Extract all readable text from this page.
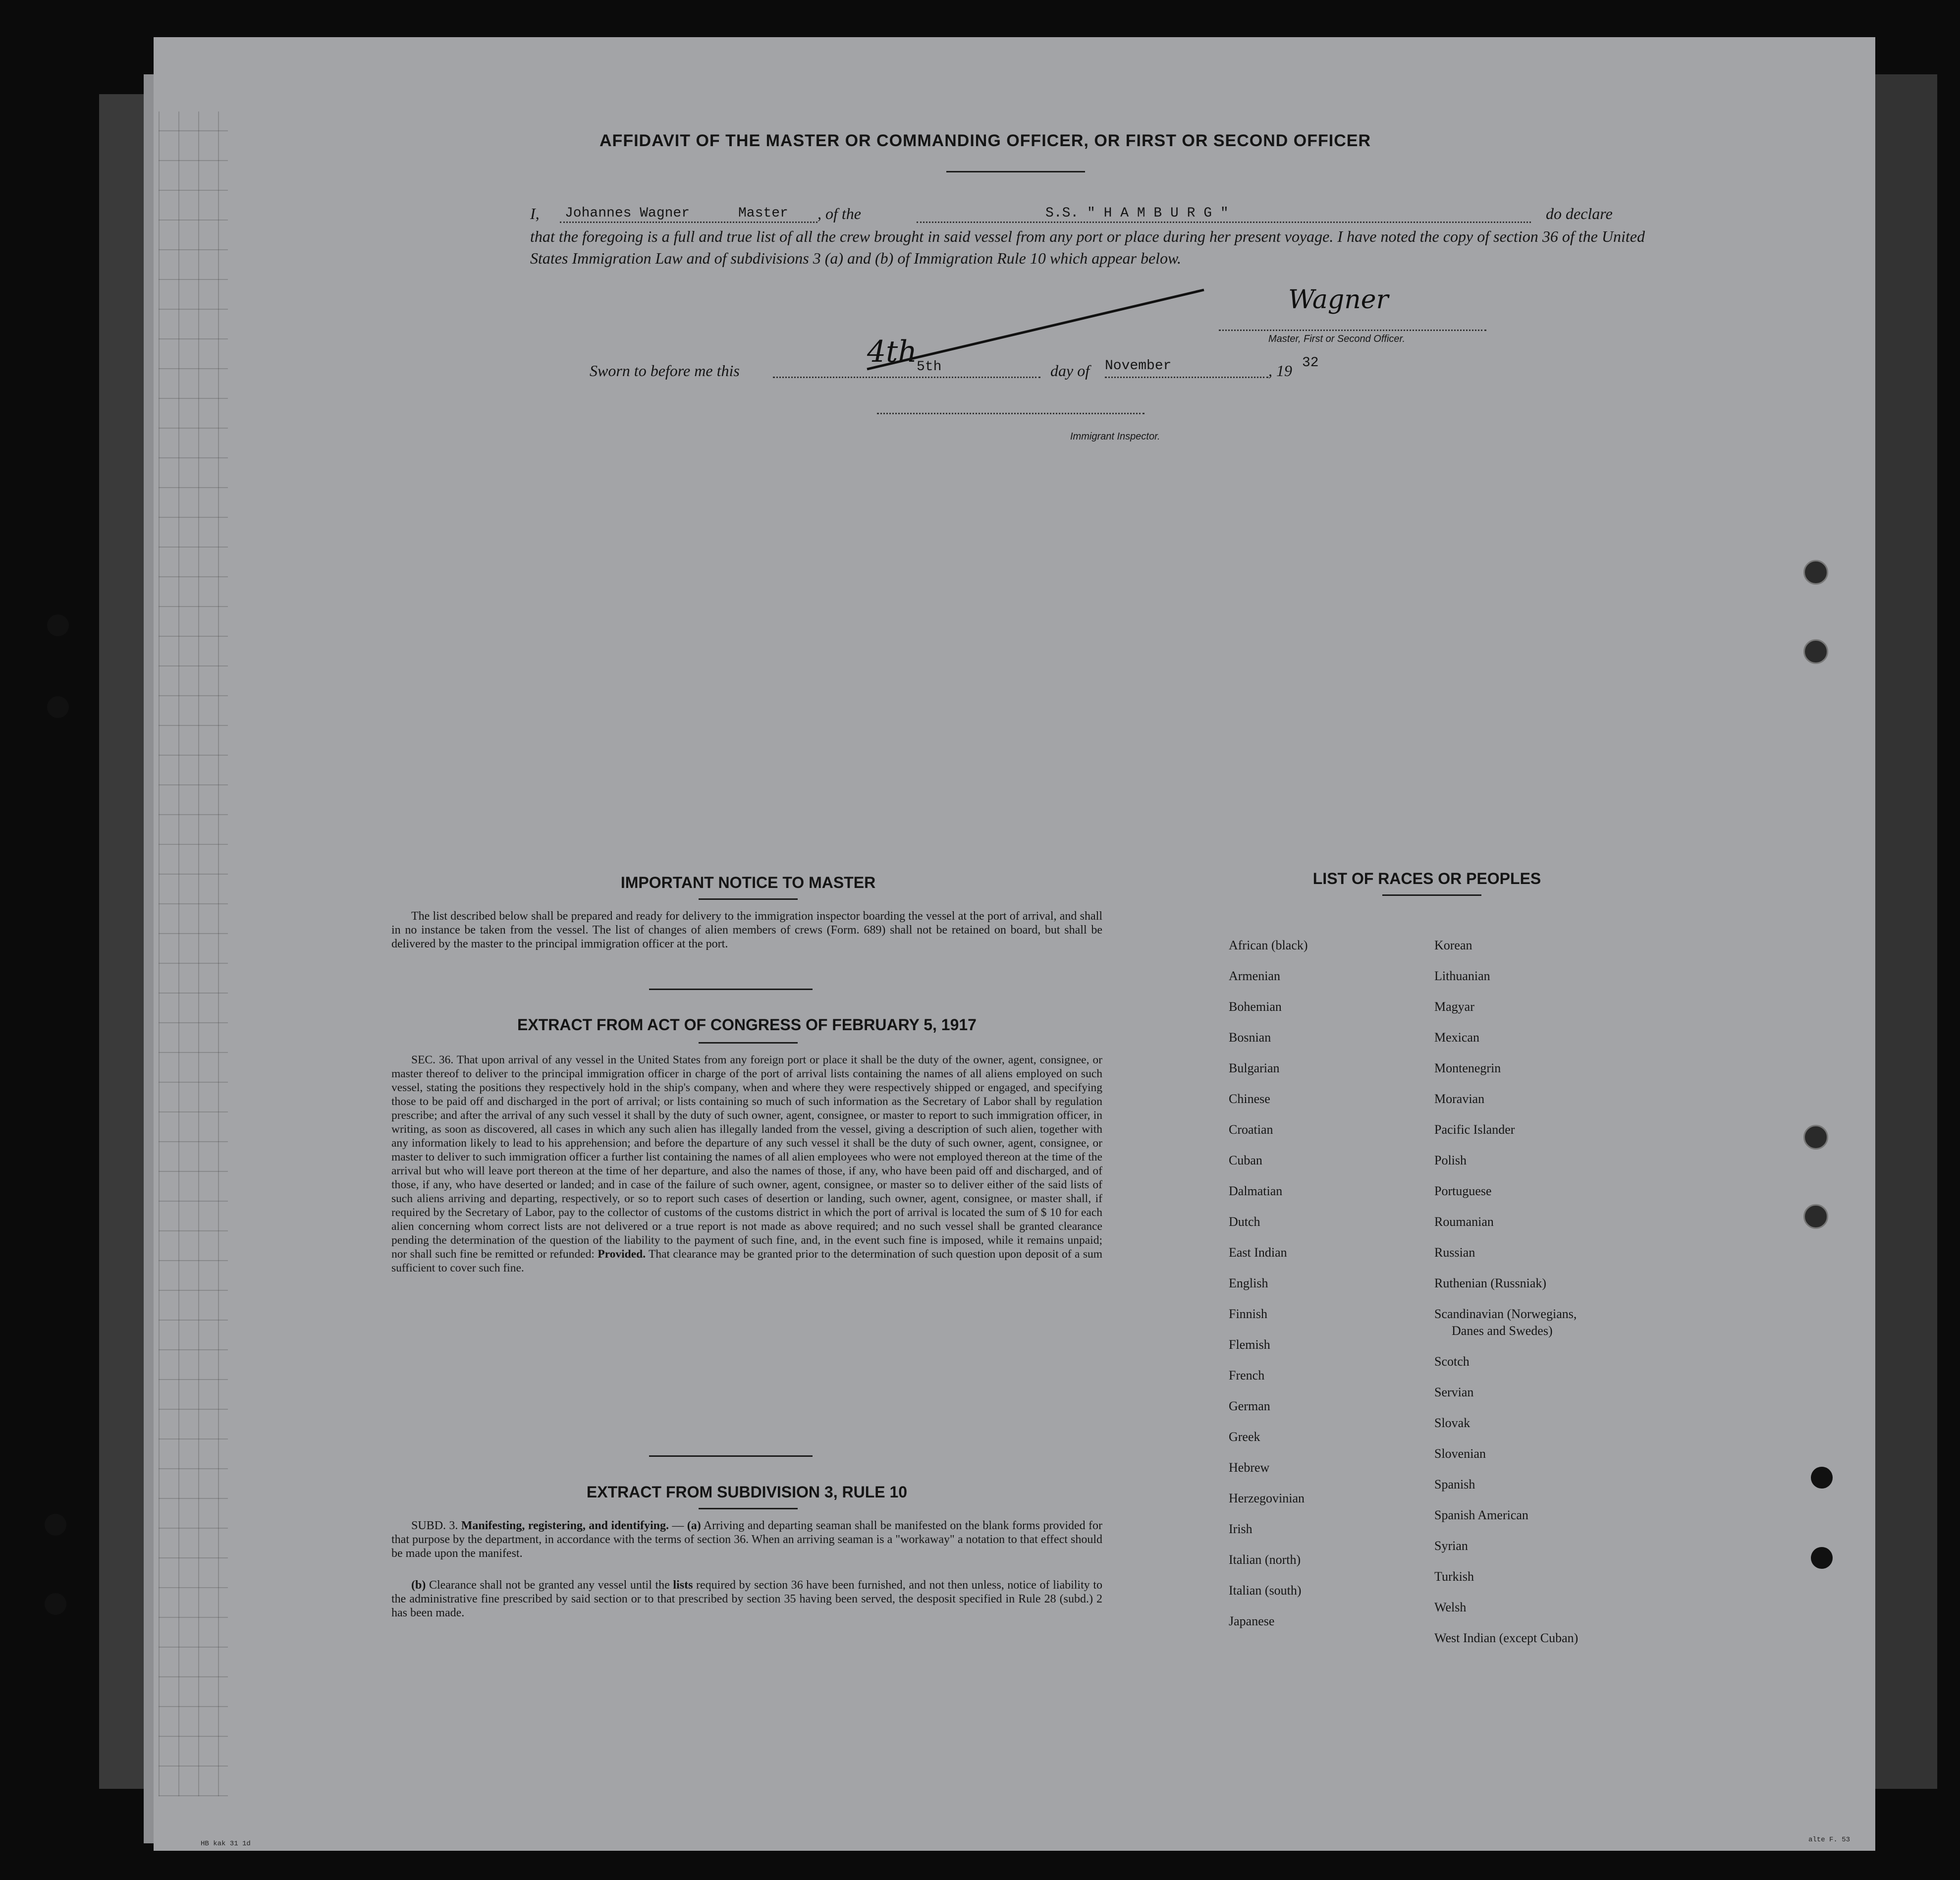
AFFIDAVIT OF THE MASTER OR COMMANDING OFFICER, OR FIRST OR SECOND OFFICER
I, Johannes Wagner	Master , of the	S.S. " H A M B U R G "	do declare
that the foregoing is a full and true list of all the crew brought in said vessel from any port or place during her present voyage. I have noted the copy of section 36 of the United States Immigration Law and of subdivisions 3 (a) and (b) of Immigration Rule 10 which appear below.
Wagner
Master, First or Second Officer.
Sworn to before me this	5th
4th
day of November	, 19 32
Immigrant Inspector.
IMPORTANT NOTICE TO MASTER
The list described below shall be prepared and ready for delivery to the immigration inspector boarding the vessel at the port of arrival, and shall in no instance be taken from the vessel. The list of changes of alien members of crews (Form. 689) shall not be retained on board, but shall be delivered by the master to the principal immigration officer at the port.
EXTRACT FROM ACT OF CONGRESS OF FEBRUARY 5, 1917
SEC. 36. That upon arrival of any vessel in the United States from any foreign port or place it shall be the duty of the owner, agent, consignee, or master thereof to deliver to the principal immigration officer in charge of the port of arrival lists containing the names of all aliens employed on such vessel, stating the positions they respectively hold in the ship's company, when and where they were respectively shipped or engaged, and specifying those to be paid off and discharged in the port of arrival; or lists containing so much of such information as the Secretary of Labor shall by regulation prescribe; and after the arrival of any such vessel it shall by the duty of such owner, agent, consignee, or master to report to such immigration officer, in writing, as soon as discovered, all cases in which any such alien has illegally landed from the vessel, giving a description of such alien, together with any information likely to lead to his apprehension; and before the departure of any such vessel it shall be the duty of such owner, agent, consignee, or master to deliver to such immigration officer a further list containing the names of all alien employees who were not employed thereon at the time of the arrival but who will leave port thereon at the time of her departure, and also the names of those, if any, who have been paid off and discharged, and of those, if any, who have deserted or landed; and in case of the failure of such owner, agent, consignee, or master so to deliver either of the said lists of such aliens arriving and departing, respectively, or so to report such cases of desertion or landing, such owner, agent, consignee, or master shall, if required by the Secretary of Labor, pay to the collector of customs of the customs district in which the port of arrival is located the sum of $ 10 for each alien concerning whom correct lists are not delivered or a true report is not made as above required; and no such vessel shall be granted clearance pending the determination of the question of the liability to the payment of such fine, and, in the event such fine is imposed, while it remains unpaid; nor shall such fine be remitted or refunded: Provided. That clearance may be granted prior to the determination of such question upon deposit of a sum sufficient to cover such fine.
EXTRACT FROM SUBDIVISION 3, RULE 10
SUBD. 3. Manifesting, registering, and identifying. — (a) Arriving and departing seaman shall be manifested on the blank forms provided for that purpose by the department, in accordance with the terms of section 36. When an arriving seaman is a "workaway" a notation to that effect should be made upon the manifest.
(b) Clearance shall not be granted any vessel until the lists required by section 36 have been furnished, and not then unless, notice of liability to the administrative fine prescribed by said section or to that prescribed by section 35 having been served, the desposit specified in Rule 28 (subd.) 2 has been made.
LIST OF RACES OR PEOPLES
HB kak 31 1d	alte F. 53
African (black)
Armenian
Bohemian
Bosnian
Bulgarian
Chinese
Croatian
Cuban
Dalmatian
Dutch
East Indian
English
Finnish
Flemish
French
German
Greek
Hebrew
Herzegovinian
Irish
Italian (north)
Italian (south)
Japanese
Korean
Lithuanian
Magyar
Mexican
Montenegrin
Moravian
Pacific Islander
Polish
Portuguese
Roumanian
Russian
Ruthenian (Russniak)
Scandinavian (Norwegians,
Danes and Swedes)
Scotch
Servian
Slovak
Slovenian
Spanish
Spanish American
Syrian
Turkish
Welsh
West Indian (except Cuban)
